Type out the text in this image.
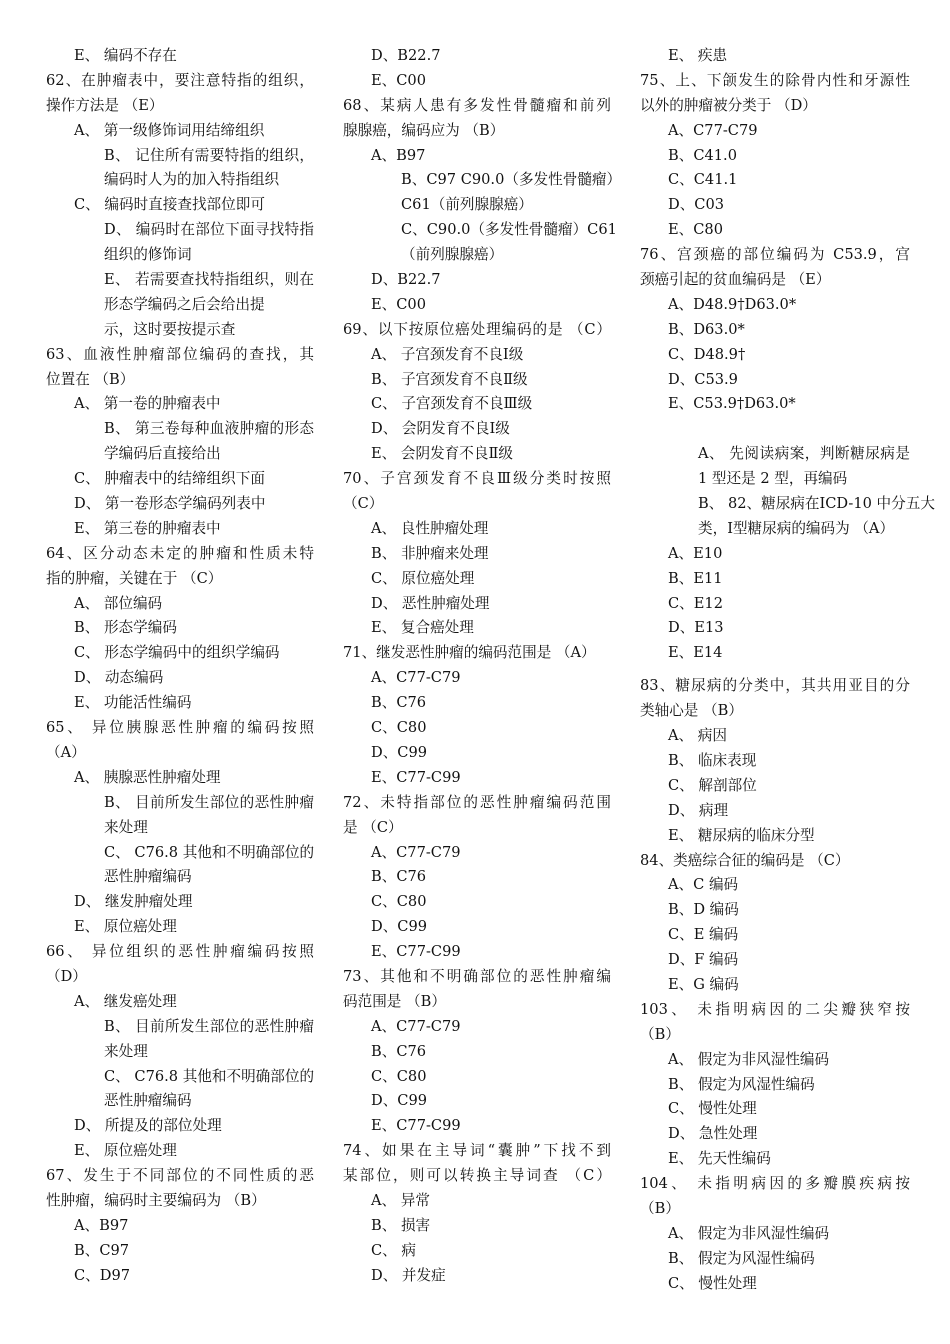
E、 编码不存在
62、在肿瘤表中，要注意特指的组织，
操作方法是 （E）
A、 第一级修饰词用结缔组织
B、 记住所有需要特指的组织，
编码时人为的加入特指组织
C、 编码时直接查找部位即可
D、 编码时在部位下面寻找特指
组织的修饰词
E、 若需要查找特指组织，则在
形态学编码之后会给出提
示，这时要按提示查
63、血液性肿瘤部位编码的查找，其
位置在 （B）
A、 第一卷的肿瘤表中
B、 第三卷每种血液肿瘤的形态
学编码后直接给出
C、 肿瘤表中的结缔组织下面
D、 第一卷形态学编码列表中
E、 第三卷的肿瘤表中
64、区分动态未定的肿瘤和性质未特
指的肿瘤，关键在于 （C）
A、 部位编码
B、 形态学编码
C、 形态学编码中的组织学编码
D、 动态编码
E、 功能活性编码
65、 异位胰腺恶性肿瘤的编码按照
（A）
A、 胰腺恶性肿瘤处理
B、 目前所发生部位的恶性肿瘤
来处理
C、 C76.8 其他和不明确部位的
恶性肿瘤编码
D、 继发肿瘤处理
E、 原位癌处理
66、 异位组织的恶性肿瘤编码按照
（D）
A、 继发癌处理
B、 目前所发生部位的恶性肿瘤
来处理
C、 C76.8 其他和不明确部位的
恶性肿瘤编码
D、 所提及的部位处理
E、 原位癌处理
67、发生于不同部位的不同性质的恶
性肿瘤，编码时主要编码为 （B）
A、B97
B、C97
C、D97
D、B22.7
E、C00
68、某病人患有多发性骨髓瘤和前列
腺腺癌，编码应为 （B）
A、B97
B、C97 C90.0（多发性骨髓瘤）
C61（前列腺腺癌）
C、C90.0（多发性骨髓瘤）C61
（前列腺腺癌）
D、B22.7
E、C00
69、以下按原位癌处理编码的是 （C）
A、 子宫颈发育不良Ⅰ级
B、 子宫颈发育不良Ⅱ级
C、 子宫颈发育不良Ⅲ级
D、 会阴发育不良Ⅰ级
E、 会阴发育不良Ⅱ级
70、子宫颈发育不良Ⅲ级分类时按照
（C）
A、 良性肿瘤处理
B、 非肿瘤来处理
C、 原位癌处理
D、 恶性肿瘤处理
E、 复合癌处理
71、继发恶性肿瘤的编码范围是 （A）
A、C77-C79
B、C76
C、C80
D、C99
E、C77-C99
72、未特指部位的恶性肿瘤编码范围
是 （C）
A、C77-C79
B、C76
C、C80
D、C99
E、C77-C99
73、其他和不明确部位的恶性肿瘤编
码范围是 （B）
A、C77-C79
B、C76
C、C80
D、C99
E、C77-C99
74、如果在主导词“囊肿”下找不到
某部位，则可以转换主导词查 （C）
A、 异常
B、 损害
C、 病
D、 并发症
E、 疾患
75、上、下颌发生的除骨内性和牙源性
以外的肿瘤被分类于 （D）
A、C77-C79
B、C41.0
C、C41.1
D、C03
E、C80
76、宫颈癌的部位编码为 C53.9，宫
颈癌引起的贫血编码是 （E）
A、D48.9†D63.0*
B、D63.0*
C、D48.9†
D、C53.9
E、C53.9†D63.0*
A、 先阅读病案，判断糖尿病是
1 型还是 2 型，再编码
B、 82、糖尿病在ICD-10 中分五大
类，Ⅰ型糖尿病的编码为 （A）
A、E10
B、E11
C、E12
D、E13
E、E14
83、糖尿病的分类中，其共用亚目的分
类轴心是 （B）
A、 病因
B、 临床表现
C、 解剖部位
D、 病理
E、 糖尿病的临床分型
84、类癌综合征的编码是 （C）
A、C 编码
B、D 编码
C、E 编码
D、F 编码
E、G 编码
103、 未指明病因的二尖瓣狭窄按
（B）
A、 假定为非风湿性编码
B、 假定为风湿性编码
C、 慢性处理
D、 急性处理
E、 先天性编码
104、 未指明病因的多瓣膜疾病按
（B）
A、 假定为非风湿性编码
B、 假定为风湿性编码
C、 慢性处理
